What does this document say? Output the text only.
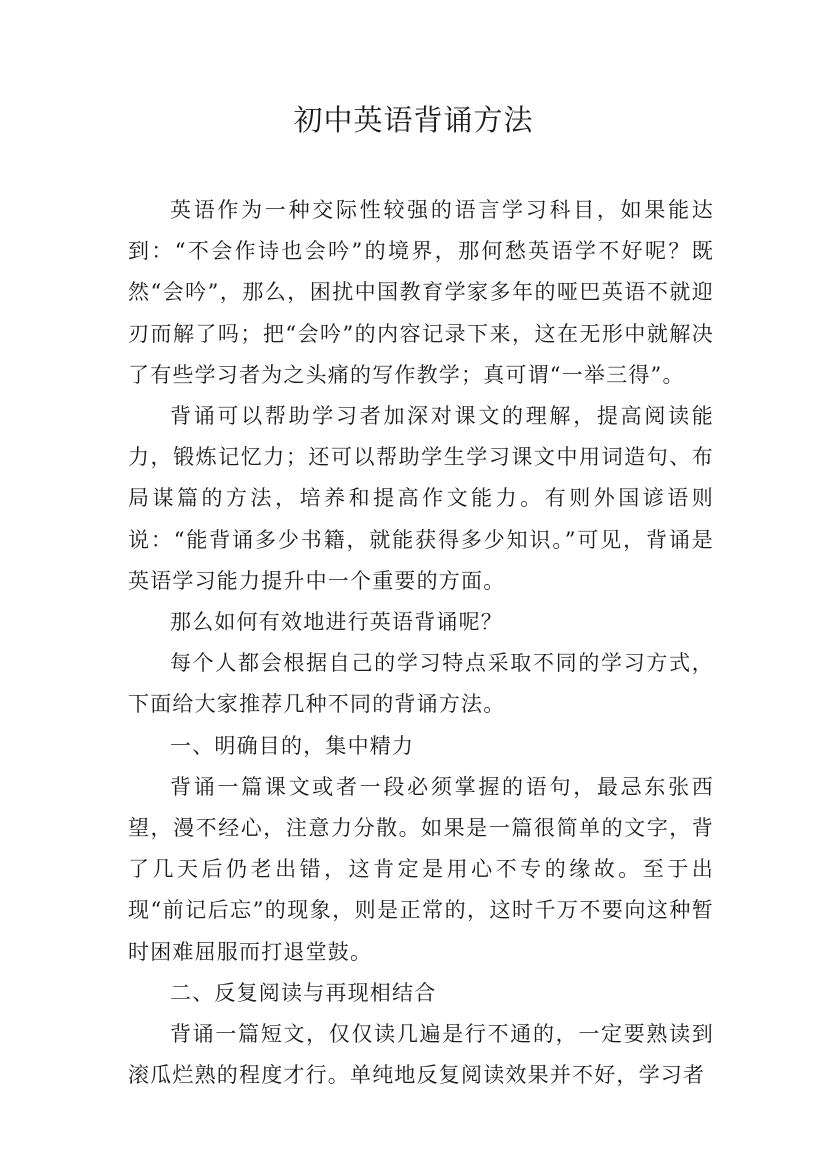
初中英语背诵方法

英语作为一种交际性较强的语言学习科目，如果能达到：“不会作诗也会吟”的境界，那何愁英语学不好呢？既然“会吟”，那么，困扰中国教育学家多年的哑巴英语不就迎刃而解了吗；把“会吟”的内容记录下来，这在无形中就解决了有些学习者为之头痛的写作教学；真可谓“一举三得”。

背诵可以帮助学习者加深对课文的理解，提高阅读能力，锻炼记忆力；还可以帮助学生学习课文中用词造句、布局谋篇的方法，培养和提高作文能力。有则外国谚语则说：“能背诵多少书籍，就能获得多少知识。”可见，背诵是英语学习能力提升中一个重要的方面。

那么如何有效地进行英语背诵呢？

每个人都会根据自己的学习特点采取不同的学习方式，下面给大家推荐几种不同的背诵方法。

一、明确目的，集中精力

背诵一篇课文或者一段必须掌握的语句，最忌东张西望，漫不经心，注意力分散。如果是一篇很简单的文字，背了几天后仍老出错，这肯定是用心不专的缘故。至于出现“前记后忘”的现象，则是正常的，这时千万不要向这种暂时困难屈服而打退堂鼓。

二、反复阅读与再现相结合

背诵一篇短文，仅仅读几遍是行不通的，一定要熟读到滚瓜烂熟的程度才行。单纯地反复阅读效果并不好，学习者
